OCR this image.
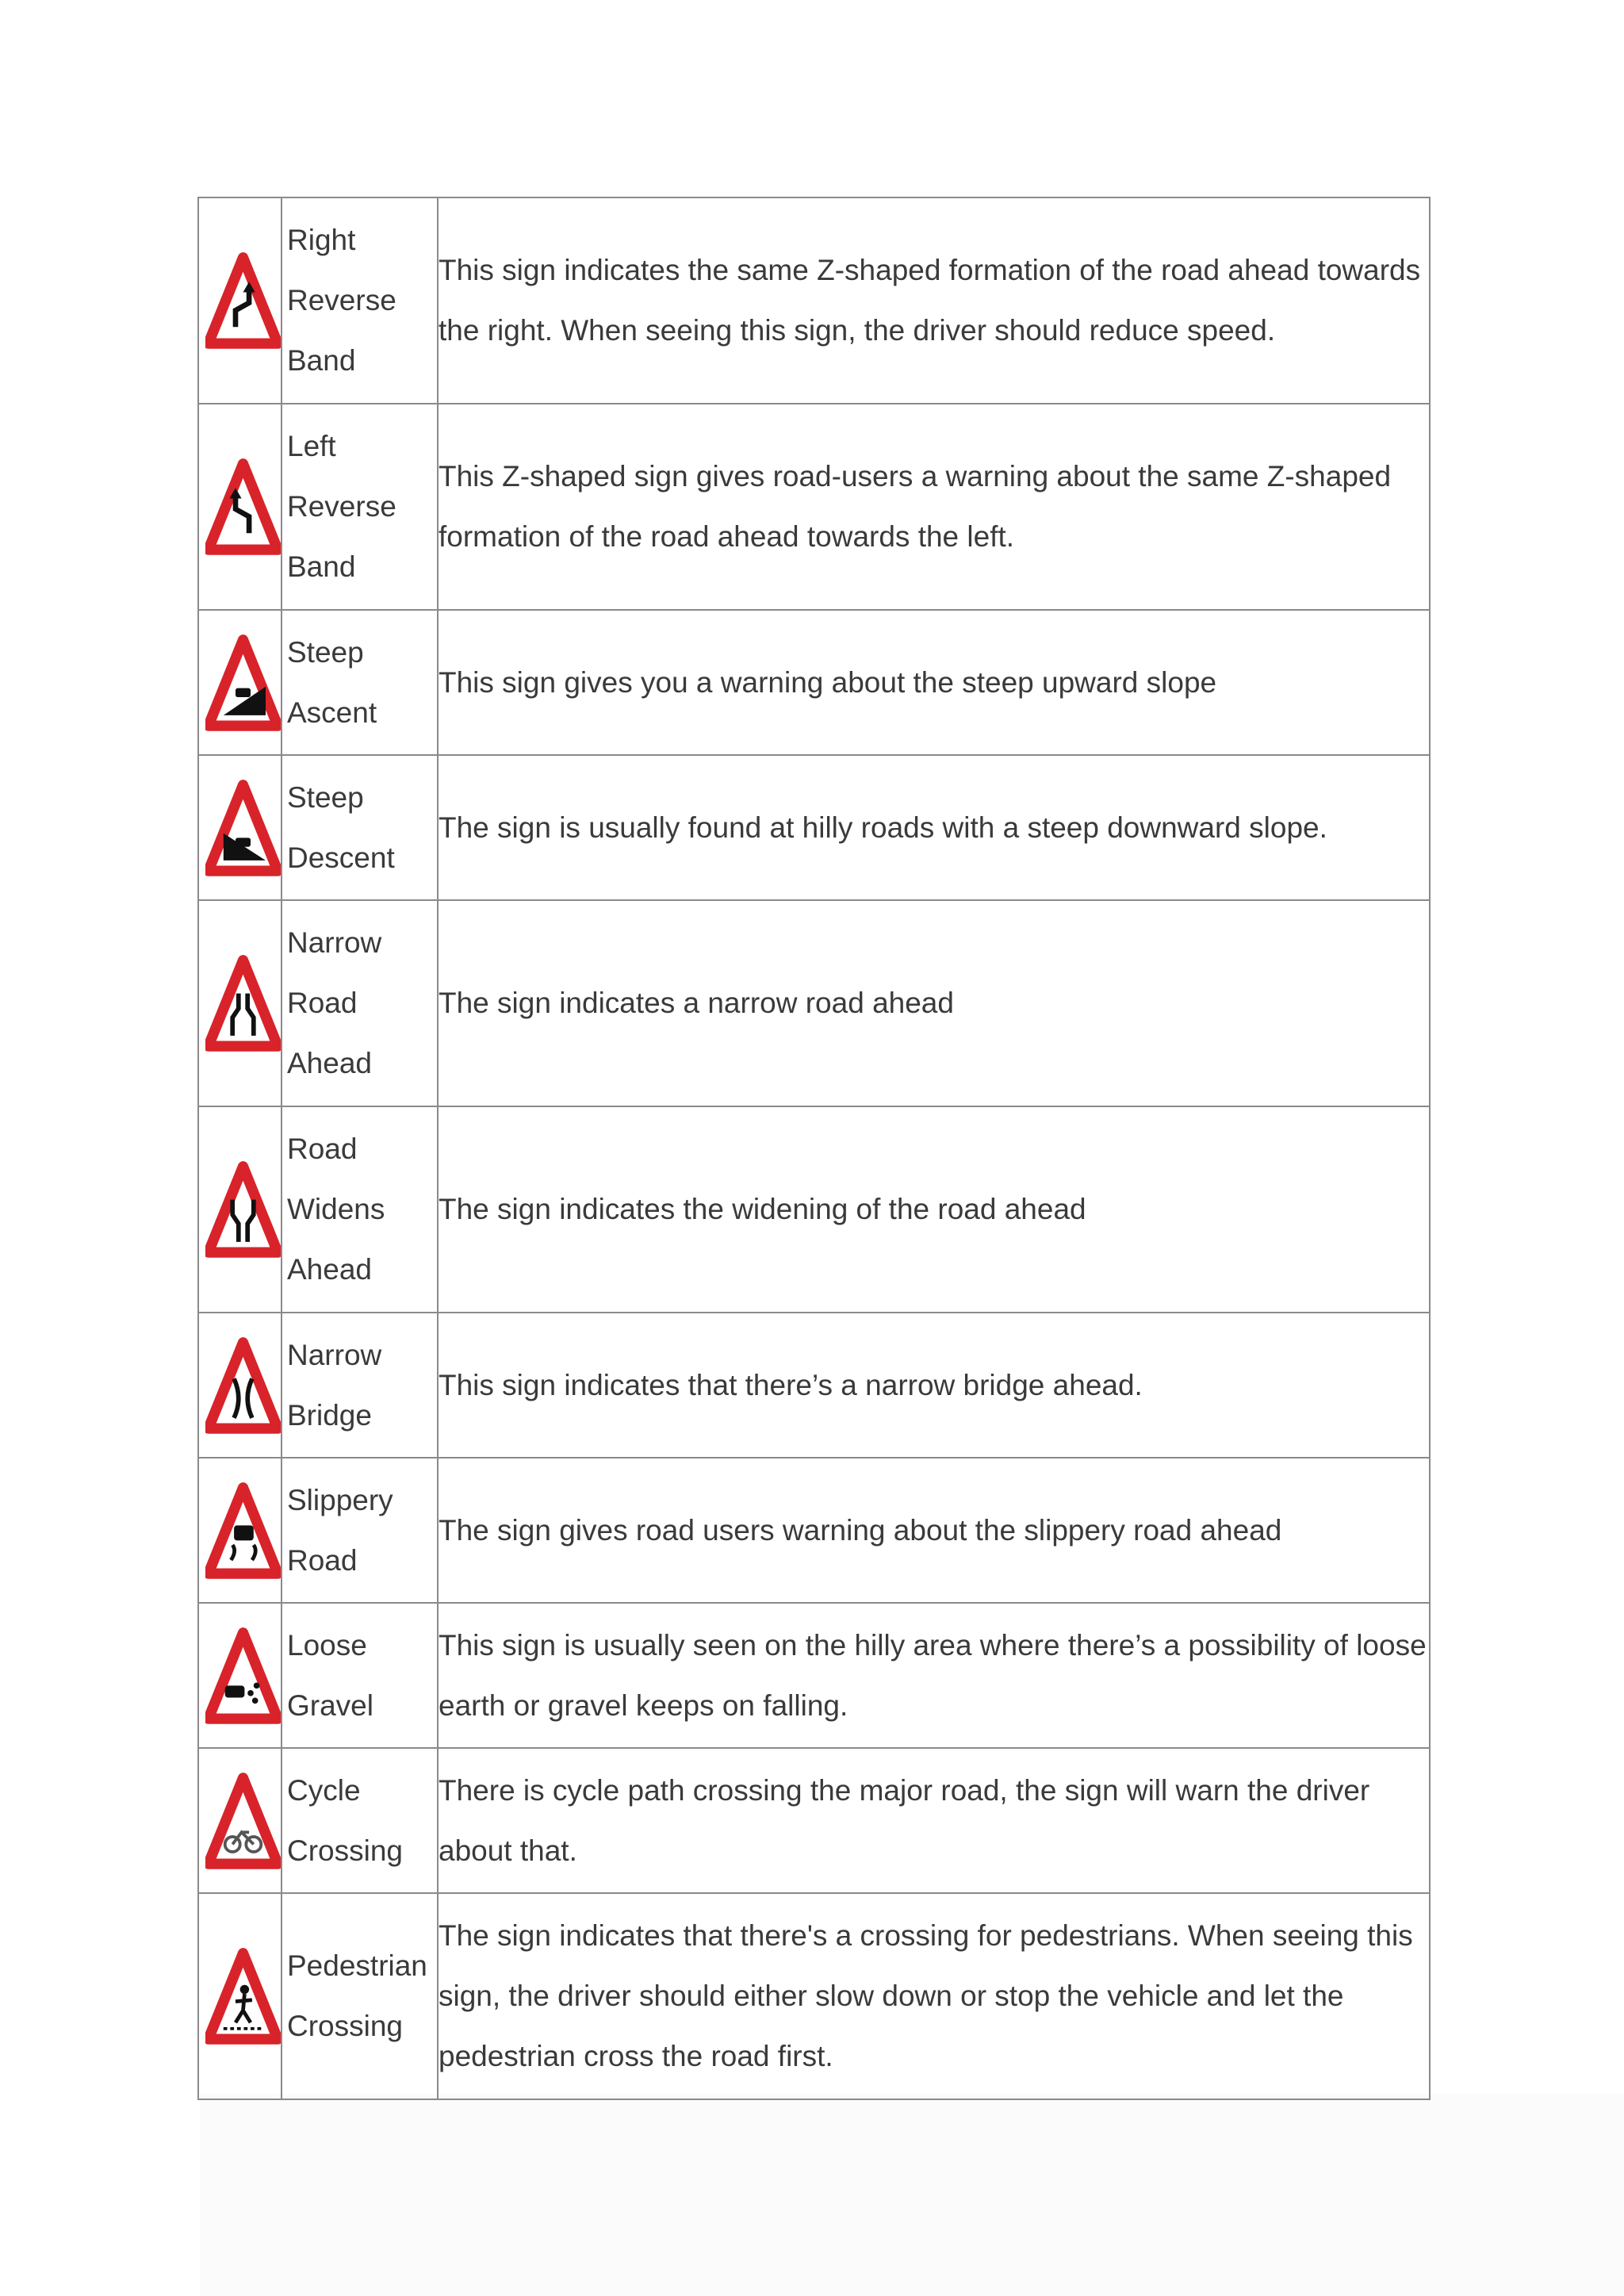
Right
Reverse
Band	This sign indicates the same Z-shaped formation of the road ahead towards the right. When seeing this sign, the driver should reduce speed.

Left
Reverse
Band	This Z-shaped sign gives road-users a warning about the same Z-shaped formation of the road ahead towards the left.

Steep
Ascent	This sign gives you a warning about the steep upward slope

Steep
Descent	The sign is usually found at hilly roads with a steep downward slope.

Narrow
Road
Ahead	The sign indicates a narrow road ahead

Road
Widens
Ahead	The sign indicates the widening of the road ahead

Narrow
Bridge	This sign indicates that there’s a narrow bridge ahead.

Slippery
Road	The sign gives road users warning about the slippery road ahead

Loose
Gravel	This sign is usually seen on the hilly area where there’s a possibility of loose earth or gravel keeps on falling.

Cycle
Crossing	There is cycle path crossing the major road, the sign will warn the driver about that.

Pedestrian
Crossing	The sign indicates that there's a crossing for pedestrians. When seeing this sign, the driver should either slow down or stop the vehicle and let the pedestrian cross the road first.
